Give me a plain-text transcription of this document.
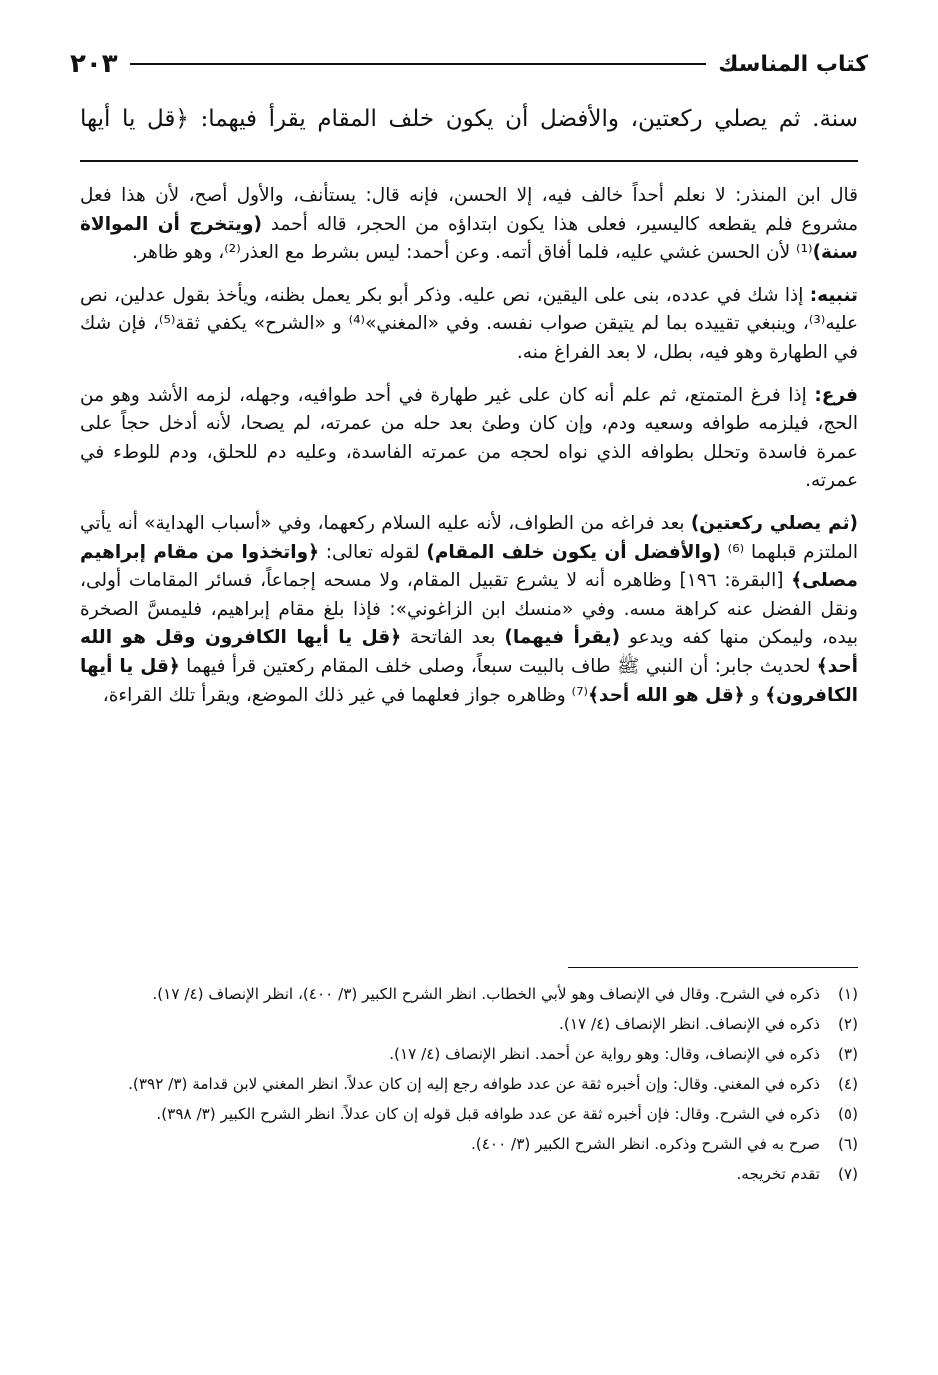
كتاب المناسك
٢٠٣
سنة. ثم يصلي ركعتين، والأفضل أن يكون خلف المقام يقرأ فيهما: ﴿قل يا أيها

قال ابن المنذر: لا نعلم أحداً خالف فيه، إلا الحسن، فإنه قال: يستأنف، والأول أصح، لأن هذا فعل مشروع فلم يقطعه كاليسير، فعلى هذا يكون ابتداؤه من الحجر، قاله أحمد (ويتخرج أن الموالاة سنة)⁽¹⁾ لأن الحسن غشي عليه، فلما أفاق أتمه. وعن أحمد: ليس بشرط مع العذر⁽²⁾، وهو ظاهر.

تنبيه: إذا شك في عدده، بنى على اليقين، نص عليه. وذكر أبو بكر يعمل بظنه، ويأخذ بقول عدلين، نص عليه⁽³⁾، وينبغي تقييده بما لم يتيقن صواب نفسه. وفي «المغني»⁽⁴⁾ و «الشرح» يكفي ثقة⁽⁵⁾، فإن شك في الطهارة وهو فيه، بطل، لا بعد الفراغ منه.

فرع: إذا فرغ المتمتع، ثم علم أنه كان على غير طهارة في أحد طوافيه، وجهله، لزمه الأشد وهو من الحج، فيلزمه طوافه وسعيه ودم، وإن كان وطئ بعد حله من عمرته، لم يصحا، لأنه أدخل حجاً على عمرة فاسدة وتحلل بطوافه الذي نواه لحجه من عمرته الفاسدة، وعليه دم للحلق، ودم للوطء في عمرته.

(ثم يصلي ركعتين) بعد فراغه من الطواف، لأنه عليه السلام ركعهما، وفي «أسباب الهداية» أنه يأتي الملتزم قبلهما ⁽⁶⁾ (والأفضل أن يكون خلف المقام) لقوله تعالى: ﴿واتخذوا من مقام إبراهيم مصلى﴾ [البقرة: ١٩٦] وظاهره أنه لا يشرع تقبيل المقام، ولا مسحه إجماعاً، فسائر المقامات أولى، ونقل الفضل عنه كراهة مسه. وفي «منسك ابن الزاغوني»: فإذا بلغ مقام إبراهيم، فليمسَّ الصخرة بيده، وليمكن منها كفه ويدعو (يقرأ فيهما) بعد الفاتحة ﴿قل يا أيها الكافرون وقل هو الله أحد﴾ لحديث جابر: أن النبي ﷺ طاف بالبيت سبعاً، وصلى خلف المقام ركعتين قرأ فيهما ﴿قل يا أيها الكافرون﴾ و ﴿قل هو الله أحد﴾⁽⁷⁾ وظاهره جواز فعلهما في غير ذلك الموضع، ويقرأ تلك القراءة،

(١)
ذكره في الشرح. وقال في الإنصاف وهو لأبي الخطاب. انظر الشرح الكبير (٣/ ٤٠٠)، انظر الإنصاف (٤/ ١٧).
(٢)
ذكره في الإنصاف. انظر الإنصاف (٤/ ١٧).
(٣)
ذكره في الإنصاف، وقال: وهو رواية عن أحمد. انظر الإنصاف (٤/ ١٧).
(٤)
ذكره في المغني. وقال: وإن أخبره ثقة عن عدد طوافه رجع إليه إن كان عدلاً. انظر المغني لابن قدامة (٣/ ٣٩٢).
(٥)
ذكره في الشرح. وقال: فإن أخبره ثقة عن عدد طوافه قبل قوله إن كان عدلاً. انظر الشرح الكبير (٣/ ٣٩٨).
(٦)
صرح به في الشرح وذكره. انظر الشرح الكبير (٣/ ٤٠٠).
(٧)
تقدم تخريجه.
